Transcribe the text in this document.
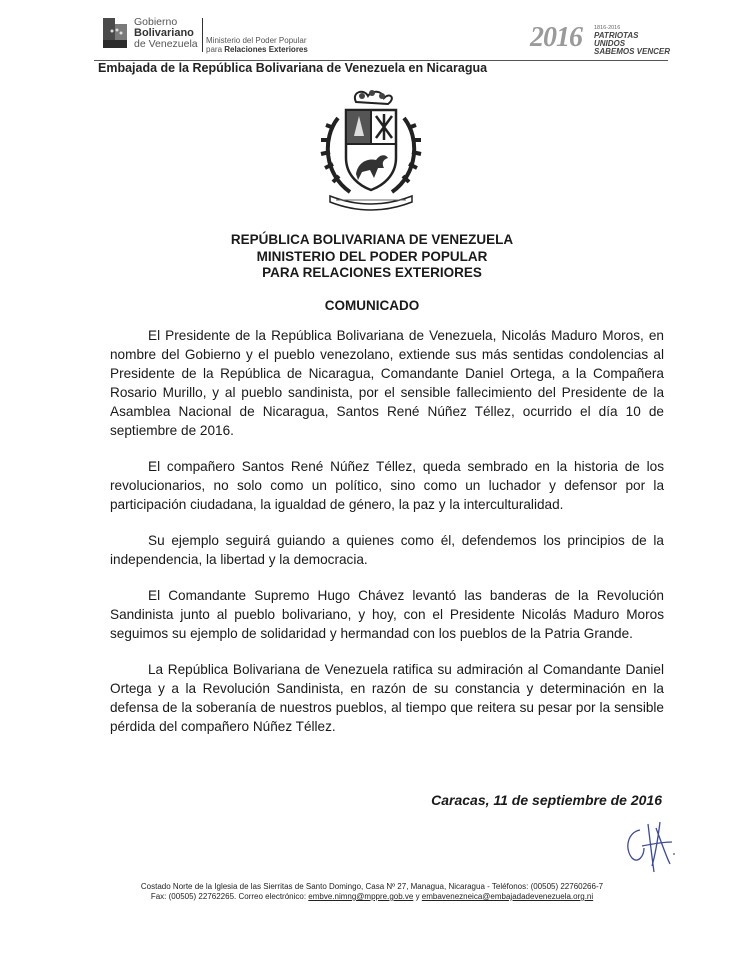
Gobierno
Bolivariano
de Venezuela Ministerio del Poder Popular
para Relaciones Exteriores	2016 1816-2016
PATRIOTAS UNIDOS
SABEMOS VENCER
Embajada de la República Bolivariana de Venezuela en Nicaragua
REPÚBLICA BOLIVARIANA DE VENEZUELA
MINISTERIO DEL PODER POPULAR
PARA RELACIONES EXTERIORES
COMUNICADO

El Presidente de la República Bolivariana de Venezuela, Nicolás Maduro Moros, en nombre del Gobierno y el pueblo venezolano, extiende sus más sentidas condolencias al Presidente de la República de Nicaragua, Comandante Daniel Ortega, a la Compañera Rosario Murillo, y al pueblo sandinista, por el sensible fallecimiento del Presidente de la Asamblea Nacional de Nicaragua, Santos René Núñez Téllez, ocurrido el día 10 de septiembre de 2016.

El compañero Santos René Núñez Téllez, queda sembrado en la historia de los revolucionarios, no solo como un político, sino como un luchador y defensor por la participación ciudadana, la igualdad de género, la paz y la interculturalidad.

Su ejemplo seguirá guiando a quienes como él, defendemos los principios de la independencia, la libertad y la democracia.

El Comandante Supremo Hugo Chávez levantó las banderas de la Revolución Sandinista junto al pueblo bolivariano, y hoy, con el Presidente Nicolás Maduro Moros seguimos su ejemplo de solidaridad y hermandad con los pueblos de la Patria Grande.

La República Bolivariana de Venezuela ratifica su admiración al Comandante Daniel Ortega y a la Revolución Sandinista, en razón de su constancia y determinación en la defensa de la soberanía de nuestros pueblos, al tiempo que reitera su pesar por la sensible pérdida del compañero Núñez Téllez.

Caracas, 11 de septiembre de 2016
Costado Norte de la Iglesia de las Sierritas de Santo Domingo, Casa Nº 27, Managua, Nicaragua - Teléfonos: (00505) 22760266-7
Fax: (00505) 22762265. Correo electrónico: embve.nimng@mppre.gob.ve y embavenezneica@embajadadevenezuela.org.ni
